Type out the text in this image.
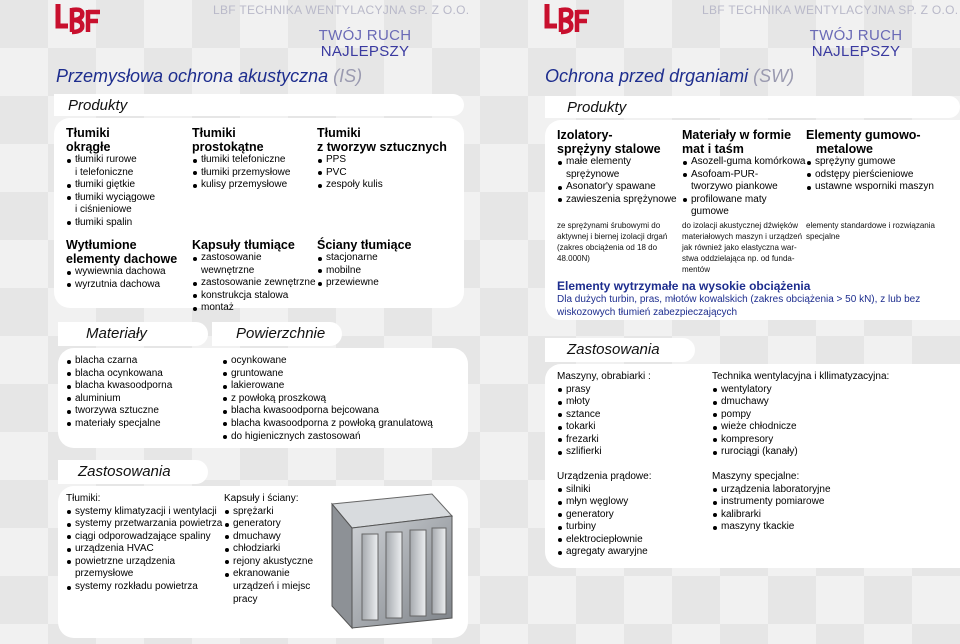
LBF TECHNIKA WENTYLACYJNA SP. Z O.O.
TWÓJ RUCH
NAJLEPSZY
Przemysłowa ochrona akustyczna (IS)
Produkty
Tłumiki
okrągłe
tłumiki rurowe
i telefoniczne
tłumiki giętkie
tłumiki wyciągowe
i ciśnieniowe
tłumiki spalin
Tłumiki
prostokątne
tłumiki telefoniczne
tłumiki przemysłowe
kulisy przemysłowe
Tłumiki
z tworzyw sztucznych
PPS
PVC
zespoły kulis
Wytłumione
elementy dachowe
wywiewnia dachowa
wyrzutnia dachowa
Kapsuły tłumiące
zastosowanie wewnętrzne
zastosowanie zewnętrzne
konstrukcja stalowa
montaż
Ściany tłumiące
stacjonarne
mobilne
przewiewne
Materiały	Powierzchnie
blacha czarna
blacha ocynkowana
blacha kwasoodporna
aluminium
tworzywa sztuczne
materiały specjalne
ocynkowane
gruntowane
lakierowane
z powłoką proszkową
blacha kwasoodporna bejcowana
blacha kwasoodporna z powłoką granulatową
do higienicznych zastosowań
Zastosowania
Tłumiki:
systemy klimatyzacji i wentylacji
systemy przetwarzania powietrza
ciągi odporowadzające spaliny
urządzenia HVAC
powietrzne urządzenia
przemysłowe
systemy rozkładu powietrza
Kapsuły i ściany:
sprężarki
generatory
dmuchawy
chłodziarki
rejony akustyczne
ekranowanie
urządzeń i miejsc
pracy
LBF TECHNIKA WENTYLACYJNA SP. Z O.O.
TWÓJ RUCH
NAJLEPSZY
Ochrona przed drganiami (SW)
Produkty
Izolatory-
sprężyny stalowe
małe elementy sprężynowe
Asonator'y spawane
zawieszenia sprężynowe
Materiały w formie
mat i taśm
Asozell-guma komórkowa
Asofoam-PUR-
tworzywo piankowe
profilowane maty gumowe
Elementy gumowo-
metalowe
sprężyny gumowe
odstępy pierścieniowe
ustawne wsporniki maszyn
ze sprężynami śrubowymi do
aktywnej i biernej izolacji drgań
(zakres obciążenia od 18 do
48.000N)
do izolacji akustycznej dźwięków
materiałowych maszyn i urządzeń
jak również jako elastyczna war-
stwa oddzielająca np. od funda-
mentów
elementy standardowe i rozwiązania
specjalne
Elementy wytrzymałe na wysokie obciążenia
Dla dużych turbin, pras, młotów kowalskich (zakres obciążenia > 50 kN), z lub bez
wiskozowych tłumień zabezpieczających
Zastosowania
Maszyny, obrabiarki :
prasy
młoty
sztance
tokarki
frezarki
szlifierki
Technika wentylacyjna i kllimatyzacyjna:
wentylatory
dmuchawy
pompy
wieże chłodnicze
kompresory
rurociągi (kanały)
Urządzenia prądowe:
silniki
młyn węglowy
generatory
turbiny
elektrociepłownie
agregaty awaryjne
Maszyny specjalne:
urządzenia laboratoryjne
instrumenty pomiarowe
kalibrarki
maszyny tkackie
